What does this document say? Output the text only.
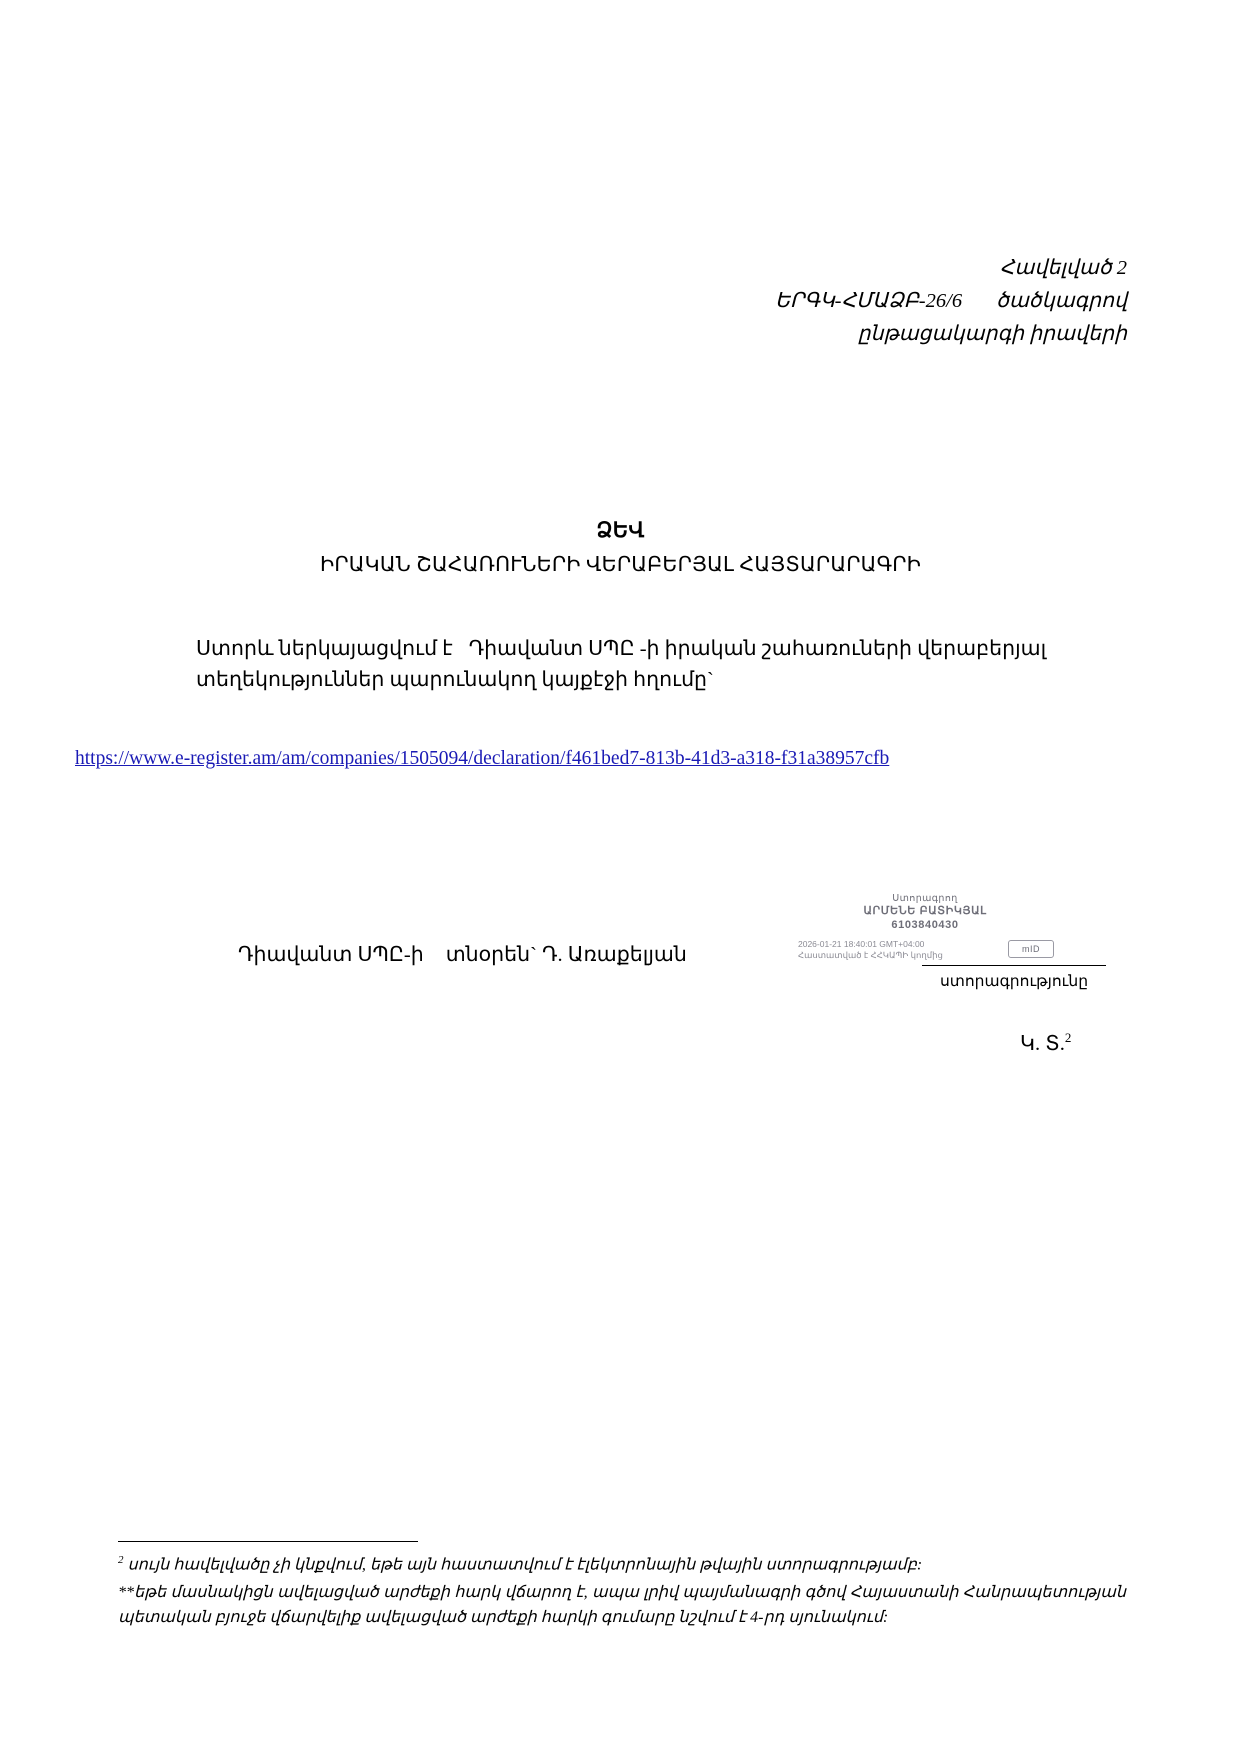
Հավելված 2
ԵՐԳԿ-ՀՄԱՁԲ-26/6 ծածկագրով
ընթացակարգի իրավերի
ՁԵՎ
ԻՐԱԿԱՆ ՇԱՀԱՌՈՒՆԵՐԻ ՎԵՐԱԲԵՐՅԱԼ ՀԱՅՏԱՐԱՐԱԳՐԻ
Ստորև ներկայացվում է Դիավանտ ՍՊԸ -ի իրական շահառուների վերաբերյալ տեղեկություններ պարունակող կայքէջի հղումը`
https://www.e-register.am/am/companies/1505094/declaration/f461bed7-813b-41d3-a318-f31a38957cfb
Դիավանտ ՍՊԸ-ի տնօրեն` Դ. Առաքելյան
Ստորագրող
ԱՐՄԵՆԵ ԲԱՏԻԿՅԱԼ
6103840430
2026-01-21 18:40:01 GMT+04:00
Հաստատված է ՀՀԿԱՊԻ կողմից
mID
ստորագրությունը
Կ. Տ.$^2$

$^2$ սույն հավելվածը չի կնքվում, եթե այն հաստատվում է էլեկտրոնային թվային ստորագրությամբ:

**եթե մասնակիցն ավելացված արժեքի հարկ վճարող է, ապա լրիվ պայմանագրի գծով Հայաստանի Հանրապետության պետական բյուջե վճարվելիք ավելացված արժեքի հարկի գումարը նշվում է 4-րդ սյունակում:
